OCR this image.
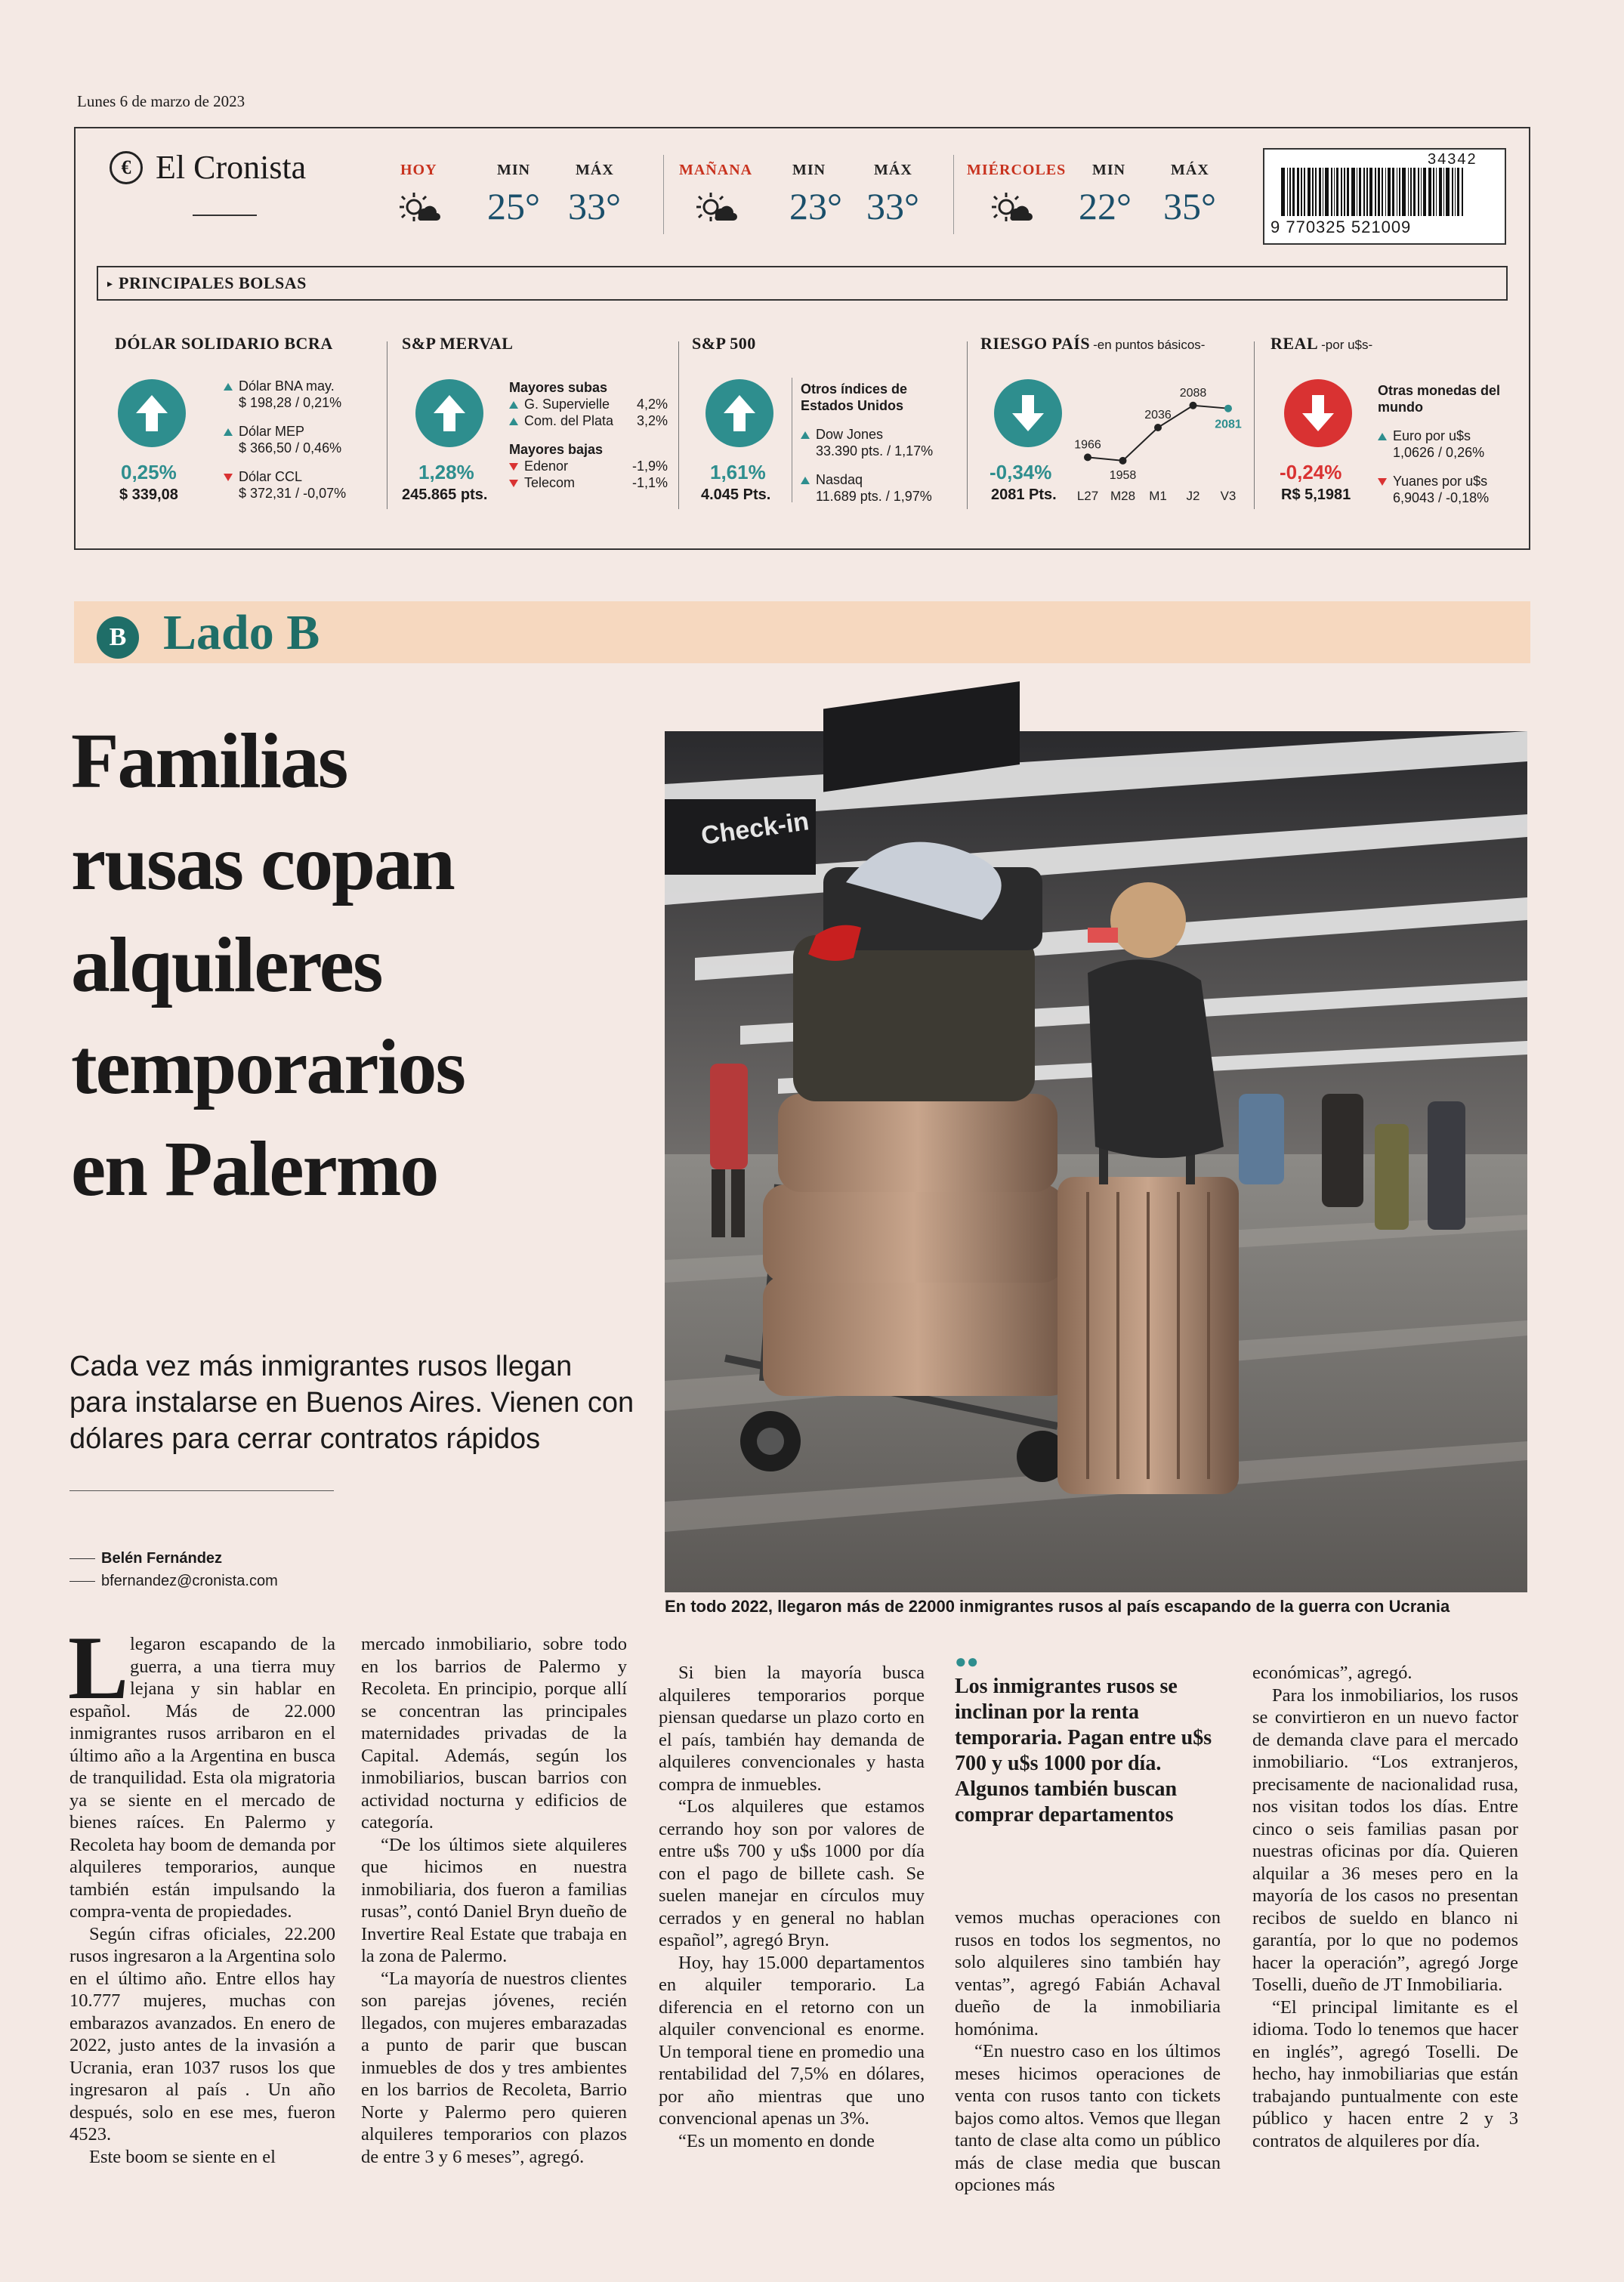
Lunes 6 de marzo de 2023
€ El Cronista	HOY	MIN	MÁX
25° 33°
MAÑANA	MIN	MÁX
23° 33°
MIÉRCOLES MIN	MÁX
22° 35°
34342
9 770325 521009
▸ PRINCIPALES BOLSAS
DÓLAR SOLIDARIO BCRA
0,25%
$ 339,08
Dólar BNA may.
$ 198,28 / 0,21%
Dólar MEP
$ 366,50 / 0,46%
Dólar CCL
$ 372,31 / -0,07%
S&P MERVAL
1,28%
245.865 pts.
Mayores subas
G. Supervielle 4,2%
Com. del Plata 3,2%
Mayores bajas
Edenor	-1,9%
Telecom	-1,1%
S&P 500
1,61%
4.045 Pts.
Otros índices de Estados Unidos
Dow Jones
33.390 pts. / 1,17%
Nasdaq
11.689 pts. / 1,97%
RIESGO PAÍS -en puntos básicos-
-0,34%
2081 Pts.
1966
L27
1958
M28
2036
M1
2088
J2
2081
V3
REAL -por u$s-
-0,24%
R$ 5,1981
Otras monedas del mundo
Euro por u$s
1,0626 / 0,26%
Yuanes por u$s
6,9043 / -0,18%
B Lado B
Familias
rusas copan
alquileres
temporarios
en Palermo
Cada vez más inmigrantes rusos llegan
para instalarse en Buenos Aires. Vienen con
dólares para cerrar contratos rápidos
Belén Fernández
bfernandez@cronista.com
Check-in
En todo 2022, llegaron más de 22000 inmigrantes rusos al país escapando de la guerra con Ucrania
L legaron escapando de la guerra, a una tierra muy lejana y sin hablar en español. Más de 22.000 inmigrantes rusos arribaron en el último año a la Argentina en busca de tranquilidad. Esta ola migratoria ya se siente en el mercado de bienes raíces. En Palermo y Recoleta hay boom de demanda por alquileres temporarios, aunque también están impulsando la compra-venta de propiedades.

Según cifras oficiales, 22.200 rusos ingresaron a la Argentina solo en el último año. Entre ellos hay 10.777 mujeres, muchas con embarazos avanzados. En enero de 2022, justo antes de la invasión a Ucrania, eran 1037 rusos los que ingresaron al país . Un año después, solo en ese mes, fueron 4523.

Este boom se siente en el

mercado inmobiliario, sobre todo en los barrios de Palermo y Recoleta. En principio, porque allí se concentran las principales maternidades privadas de la Capital. Además, según los inmobiliarios, buscan barrios con actividad nocturna y edificios de categoría.

“De los últimos siete alquileres que hicimos en nuestra inmobiliaria, dos fueron a familias rusas”, contó Daniel Bryn dueño de Invertire Real Estate que trabaja en la zona de Palermo.

“La mayoría de nuestros clientes son parejas jóvenes, recién llegados, con mujeres embarazadas a punto de parir que buscan inmuebles de dos y tres ambientes en los barrios de Recoleta, Barrio Norte y Palermo pero quieren alquileres temporarios con plazos de entre 3 y 6 meses”, agregó.

Si bien la mayoría busca alquileres temporarios porque piensan quedarse un plazo corto en el país, también hay demanda de alquileres convencionales y hasta compra de inmuebles.

“Los alquileres que estamos cerrando hoy son por valores de entre u$s 700 y u$s 1000 por día con el pago de billete cash. Se suelen manejar en círculos muy cerrados y en general no hablan español”, agregó Bryn.

Hoy, hay 15.000 departamentos en alquiler temporario. La diferencia en el retorno con un alquiler convencional es enorme. Un temporal tiene en promedio una rentabilidad del 7,5% en dólares, por año mientras que uno convencional apenas un 3%.

“Es un momento en donde

●●
Los inmigrantes rusos se inclinan por la renta temporaria. Pagan entre u$s 700 y u$s 1000 por día. Algunos también buscan comprar departamentos

vemos muchas operaciones con rusos en todos los segmentos, no solo alquileres sino también hay ventas”, agregó Fabián Achaval dueño de la inmobiliaria homónima.

“En nuestro caso en los últimos meses hicimos operaciones de venta con rusos tanto con tickets bajos como altos. Vemos que llegan tanto de clase alta como un público más de clase media que buscan opciones más

económicas”, agregó.

Para los inmobiliarios, los rusos se convirtieron en un nuevo factor de demanda clave para el mercado inmobiliario. “Los extranjeros, precisamente de nacionalidad rusa, nos visitan todos los días. Entre cinco o seis familias pasan por nuestras oficinas por día. Quieren alquilar a 36 meses pero en la mayoría de los casos no presentan recibos de sueldo en blanco ni garantía, por lo que no podemos hacer la operación”, agregó Jorge Toselli, dueño de JT Inmobiliaria.

“El principal limitante es el idioma. Todo lo tenemos que hacer en inglés”, agregó Toselli. De hecho, hay inmobiliarias que están trabajando puntualmente con este público y hacen entre 2 y 3 contratos de alquileres por día.
